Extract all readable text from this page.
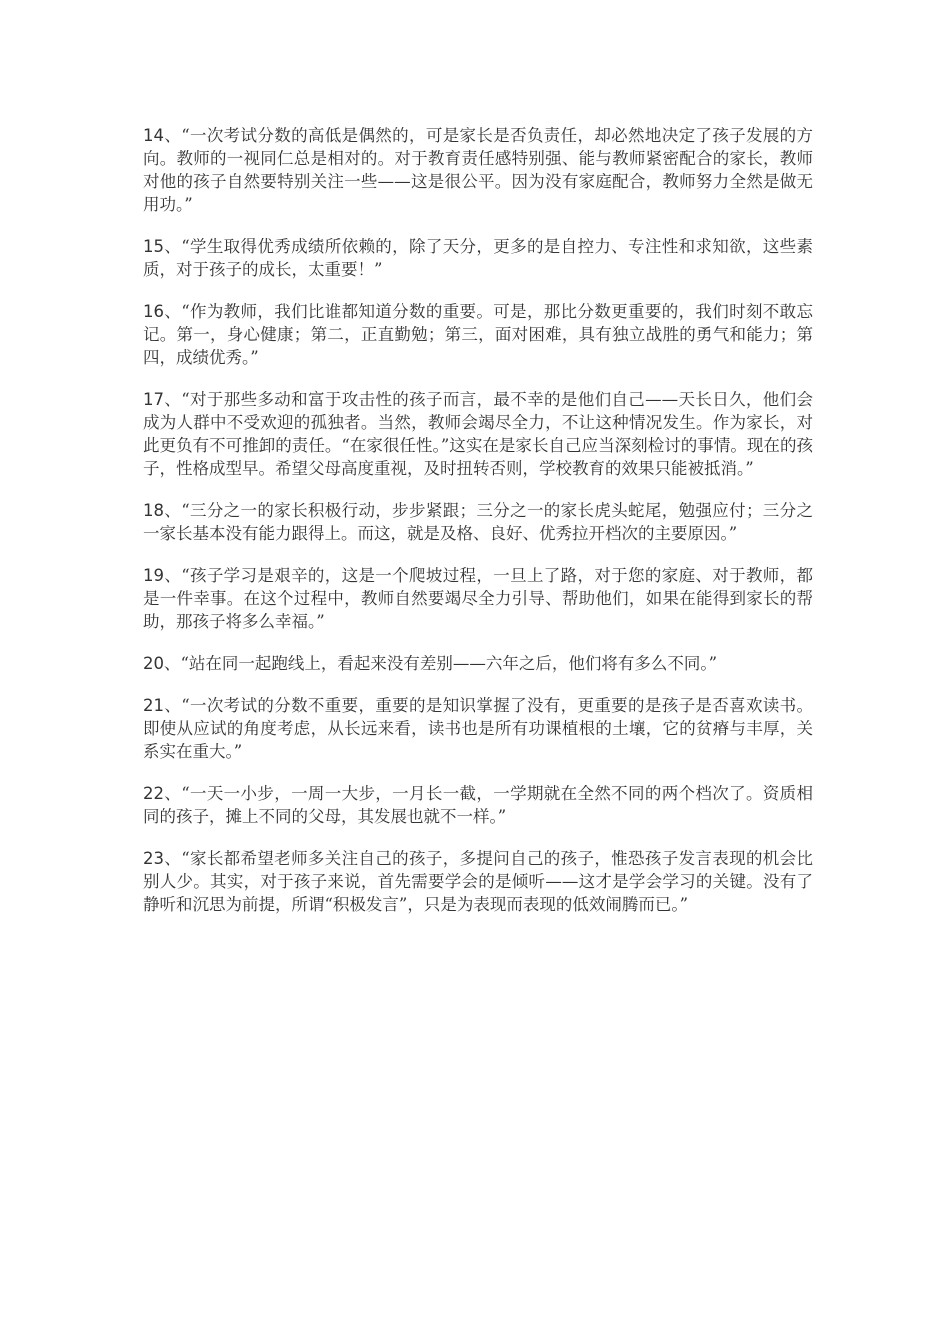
14、“一次考试分数的高低是偶然的，可是家长是否负责任，却必然地决定了孩子发展的方向。教师的一视同仁总是相对的。对于教育责任感特别强、能与教师紧密配合的家长，教师对他的孩子自然要特别关注一些——这是很公平。因为没有家庭配合，教师努力全然是做无用功。”

15、“学生取得优秀成绩所依赖的，除了天分，更多的是自控力、专注性和求知欲，这些素质，对于孩子的成长，太重要！”

16、“作为教师，我们比谁都知道分数的重要。可是，那比分数更重要的，我们时刻不敢忘记。第一，身心健康；第二，正直勤勉；第三，面对困难，具有独立战胜的勇气和能力；第四，成绩优秀。”

17、“对于那些多动和富于攻击性的孩子而言，最不幸的是他们自己——天长日久，他们会成为人群中不受欢迎的孤独者。当然，教师会竭尽全力，不让这种情况发生。作为家长，对此更负有不可推卸的责任。“在家很任性。”这实在是家长自己应当深刻检讨的事情。现在的孩子，性格成型早。希望父母高度重视，及时扭转否则，学校教育的效果只能被抵消。”

18、“三分之一的家长积极行动，步步紧跟；三分之一的家长虎头蛇尾，勉强应付；三分之一家长基本没有能力跟得上。而这，就是及格、良好、优秀拉开档次的主要原因。”

19、“孩子学习是艰辛的，这是一个爬坡过程，一旦上了路，对于您的家庭、对于教师，都是一件幸事。在这个过程中，教师自然要竭尽全力引导、帮助他们，如果在能得到家长的帮助，那孩子将多么幸福。”

20、“站在同一起跑线上，看起来没有差别——六年之后，他们将有多么不同。”

21、“一次考试的分数不重要，重要的是知识掌握了没有，更重要的是孩子是否喜欢读书。即使从应试的角度考虑，从长远来看，读书也是所有功课植根的土壤，它的贫瘠与丰厚，关系实在重大。”

22、“一天一小步，一周一大步，一月长一截，一学期就在全然不同的两个档次了。资质相同的孩子，摊上不同的父母，其发展也就不一样。”

23、“家长都希望老师多关注自己的孩子，多提问自己的孩子，惟恐孩子发言表现的机会比别人少。其实，对于孩子来说，首先需要学会的是倾听——这才是学会学习的关键。没有了静听和沉思为前提，所谓“积极发言”，只是为表现而表现的低效闹腾而已。”
